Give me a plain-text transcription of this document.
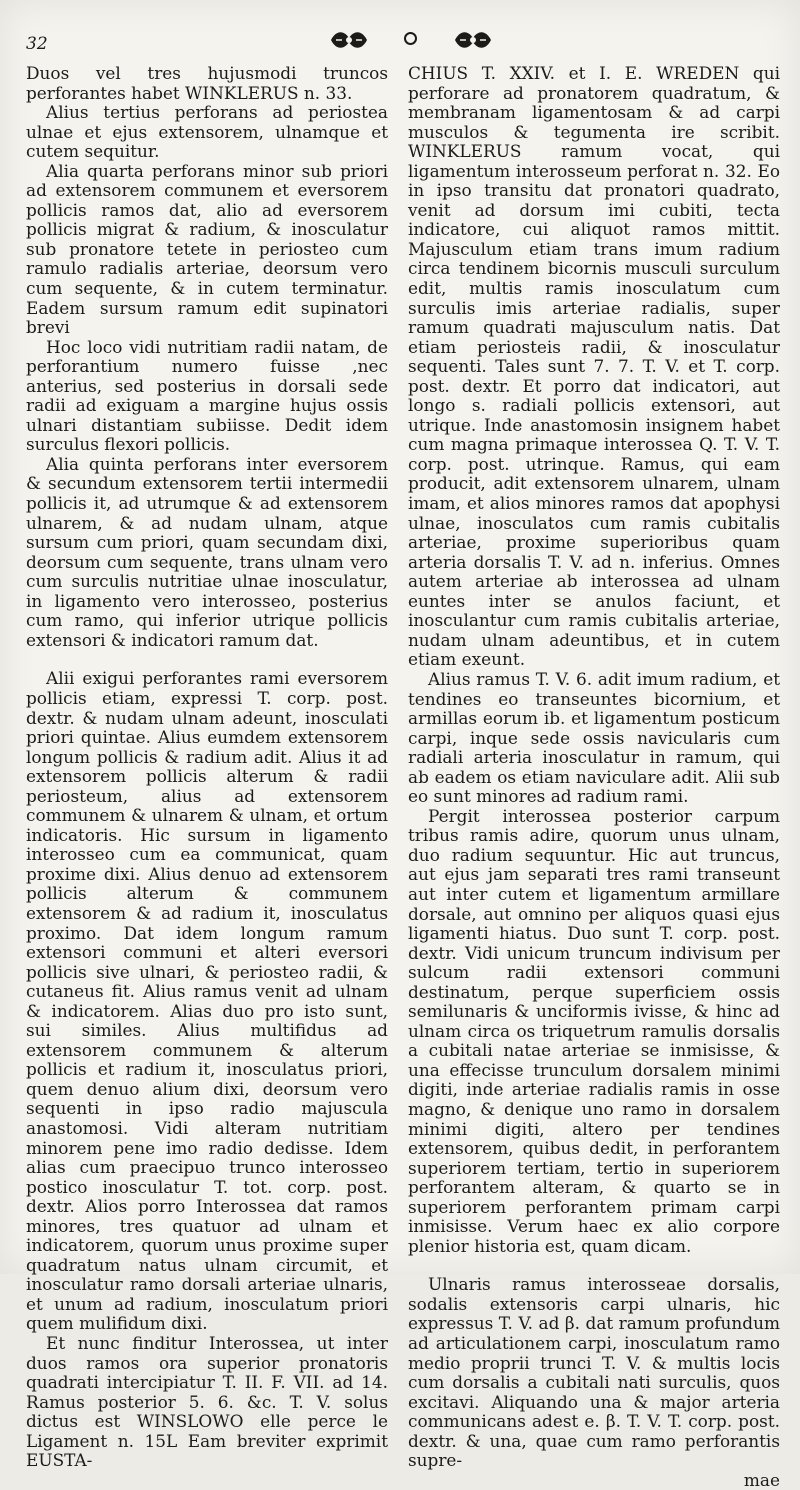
32

Duos vel tres hujusmodi truncos perforantes habet WINKLERUS n. 33.

Alius tertius perforans ad periostea ulnae et ejus extensorem, ulnamque et cutem sequitur.

Alia quarta perforans minor sub priori ad extensorem communem et eversorem pollicis ramos dat, alio ad eversorem pollicis migrat & radium, & inosculatur sub pronatore tetete in periosteo cum ramulo radialis arteriae, deorsum vero cum sequente, & in cutem terminatur. Eadem sursum ramum edit supinatori brevi

Hoc loco vidi nutritiam radii natam, de perforantium numero fuisse ,nec anterius, sed posterius in dorsali sede radii ad exiguam a margine hujus ossis ulnari distantiam subiisse. Dedit idem surculus flexori pollicis.

Alia quinta perforans inter eversorem & secundum extensorem tertii intermedii pollicis it, ad utrumque & ad extensorem ulnarem, & ad nudam ulnam, atque sursum cum priori, quam secundam dixi, deorsum cum sequente, trans ulnam vero cum surculis nutritiae ulnae inosculatur, in ligamento vero interosseo, posterius cum ramo, qui inferior utrique pollicis extensori & indicatori ramum dat.

Alii exigui perforantes rami eversorem pollicis etiam, expressi T. corp. post. dextr. & nudam ulnam adeunt, inosculati priori quintae. Alius eumdem extensorem longum pollicis & radium adit. Alius it ad extensorem pollicis alterum & radii periosteum, alius ad extensorem communem & ulnarem & ulnam, et ortum indicatoris. Hic sursum in ligamento interosseo cum ea communicat, quam proxime dixi. Alius denuo ad extensorem pollicis alterum & communem extensorem & ad radium it, inosculatus proximo. Dat idem longum ramum extensori communi et alteri eversori pollicis sive ulnari, & periosteo radii, & cutaneus fit. Alius ramus venit ad ulnam & indicatorem. Alias duo pro isto sunt, sui similes. Alius multifidus ad extensorem communem & alterum pollicis et radium it, inosculatus priori, quem denuo alium dixi, deorsum vero sequenti in ipso radio majuscula anastomosi. Vidi alteram nutritiam minorem pene imo radio dedisse. Idem alias cum praecipuo trunco interosseo postico inosculatur T. tot. corp. post. dextr. Alios porro Interossea dat ramos minores, tres quatuor ad ulnam et indicatorem, quorum unus proxime super quadratum natus ulnam circumit, et inosculatur ramo dorsali arteriae ulnaris, et unum ad radium, inosculatum priori quem mulifidum dixi.

Et nunc finditur Interossea, ut inter duos ramos ora superior pronatoris quadrati intercipiatur T. II. F. VII. ad 14. Ramus posterior 5. 6. &c. T. V. solus dictus est WINSLOWO elle perce le Ligament n. 15L Eam breviter exprimit EUSTA-

CHIUS T. XXIV. et I. E. WREDEN qui perforare ad pronatorem quadratum, & membranam ligamentosam & ad carpi musculos & tegumenta ire scribit. WINKLERUS ramum vocat, qui ligamentum interosseum perforat n. 32. Eo in ipso transitu dat pronatori quadrato, venit ad dorsum imi cubiti, tecta indicatore, cui aliquot ramos mittit. Majusculum etiam trans imum radium circa tendinem bicornis musculi surculum edit, multis ramis inosculatum cum surculis imis arteriae radialis, super ramum quadrati majusculum natis. Dat etiam periosteis radii, & inosculatur sequenti. Tales sunt 7. 7. T. V. et T. corp. post. dextr. Et porro dat indicatori, aut longo s. radiali pollicis extensori, aut utrique. Inde anastomosin insignem habet cum magna primaque interossea Q. T. V. T. corp. post. utrinque. Ramus, qui eam producit, adit extensorem ulnarem, ulnam imam, et alios minores ramos dat apophysi ulnae, inosculatos cum ramis cubitalis arteriae, proxime superioribus quam arteria dorsalis T. V. ad n. inferius. Omnes autem arteriae ab interossea ad ulnam euntes inter se anulos faciunt, et inosculantur cum ramis cubitalis arteriae, nudam ulnam adeuntibus, et in cutem etiam exeunt.

Alius ramus T. V. 6. adit imum radium, et tendines eo transeuntes bicornium, et armillas eorum ib. et ligamentum posticum carpi, inque sede ossis navicularis cum radiali arteria inosculatur in ramum, qui ab eadem os etiam naviculare adit. Alii sub eo sunt minores ad radium rami.

Pergit interossea posterior carpum tribus ramis adire, quorum unus ulnam, duo radium sequuntur. Hic aut truncus, aut ejus jam separati tres rami transeunt aut inter cutem et ligamentum armillare dorsale, aut omnino per aliquos quasi ejus ligamenti hiatus. Duo sunt T. corp. post. dextr. Vidi unicum truncum indivisum per sulcum radii extensori communi destinatum, perque superficiem ossis semilunaris & unciformis ivisse, & hinc ad ulnam circa os triquetrum ramulis dorsalis a cubitali natae arteriae se inmisisse, & una effecisse trunculum dorsalem minimi digiti, inde arteriae radialis ramis in osse magno, & denique uno ramo in dorsalem minimi digiti, altero per tendines extensorem, quibus dedit, in perforantem superiorem tertiam, tertio in superiorem perforantem alteram, & quarto se in superiorem perforantem primam carpi inmisisse. Verum haec ex alio corpore plenior historia est, quam dicam.

Ulnaris ramus interosseae dorsalis, sodalis extensoris carpi ulnaris, hic expressus T. V. ad β. dat ramum profundum ad articulationem carpi, inosculatum ramo medio proprii trunci T. V. & multis locis cum dorsalis a cubitali nati surculis, quos excitavi. Aliquando una & major arteria communicans adest e. β. T. V. T. corp. post. dextr. & una, quae cum ramo perforantis supre-

mae
